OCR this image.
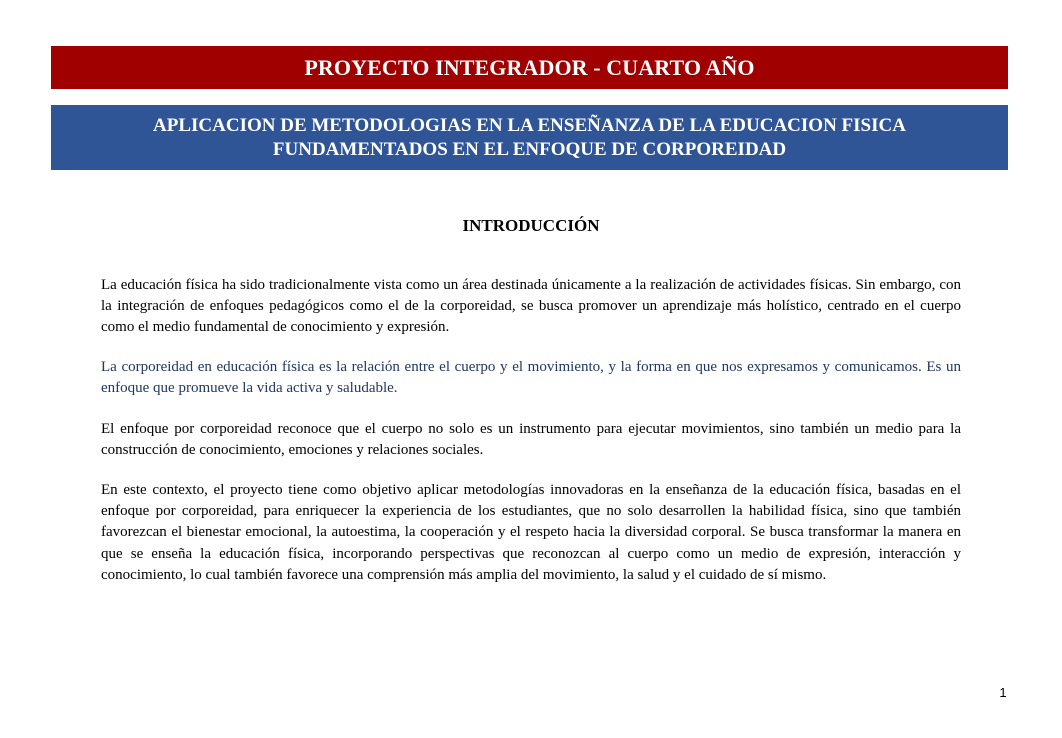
PROYECTO INTEGRADOR - CUARTO AÑO
APLICACION DE METODOLOGIAS EN LA ENSEÑANZA DE LA EDUCACION FISICA
FUNDAMENTADOS EN EL ENFOQUE DE CORPOREIDAD
INTRODUCCIÓN

La educación física ha sido tradicionalmente vista como un área destinada únicamente a la realización de actividades físicas. Sin embargo, con la integración de enfoques pedagógicos como el de la corporeidad, se busca promover un aprendizaje más holístico, centrado en el cuerpo como el medio fundamental de conocimiento y expresión.

La corporeidad en educación física es la relación entre el cuerpo y el movimiento, y la forma en que nos expresamos y comunicamos. Es un enfoque que promueve la vida activa y saludable.

El enfoque por corporeidad reconoce que el cuerpo no solo es un instrumento para ejecutar movimientos, sino también un medio para la construcción de conocimiento, emociones y relaciones sociales.

En este contexto, el proyecto tiene como objetivo aplicar metodologías innovadoras en la enseñanza de la educación física, basadas en el enfoque por corporeidad, para enriquecer la experiencia de los estudiantes, que no solo desarrollen la habilidad física, sino que también favorezcan el bienestar emocional, la autoestima, la cooperación y el respeto hacia la diversidad corporal. Se busca transformar la manera en que se enseña la educación física, incorporando perspectivas que reconozcan al cuerpo como un medio de expresión, interacción y conocimiento, lo cual también favorece una comprensión más amplia del movimiento, la salud y el cuidado de sí mismo.

1
